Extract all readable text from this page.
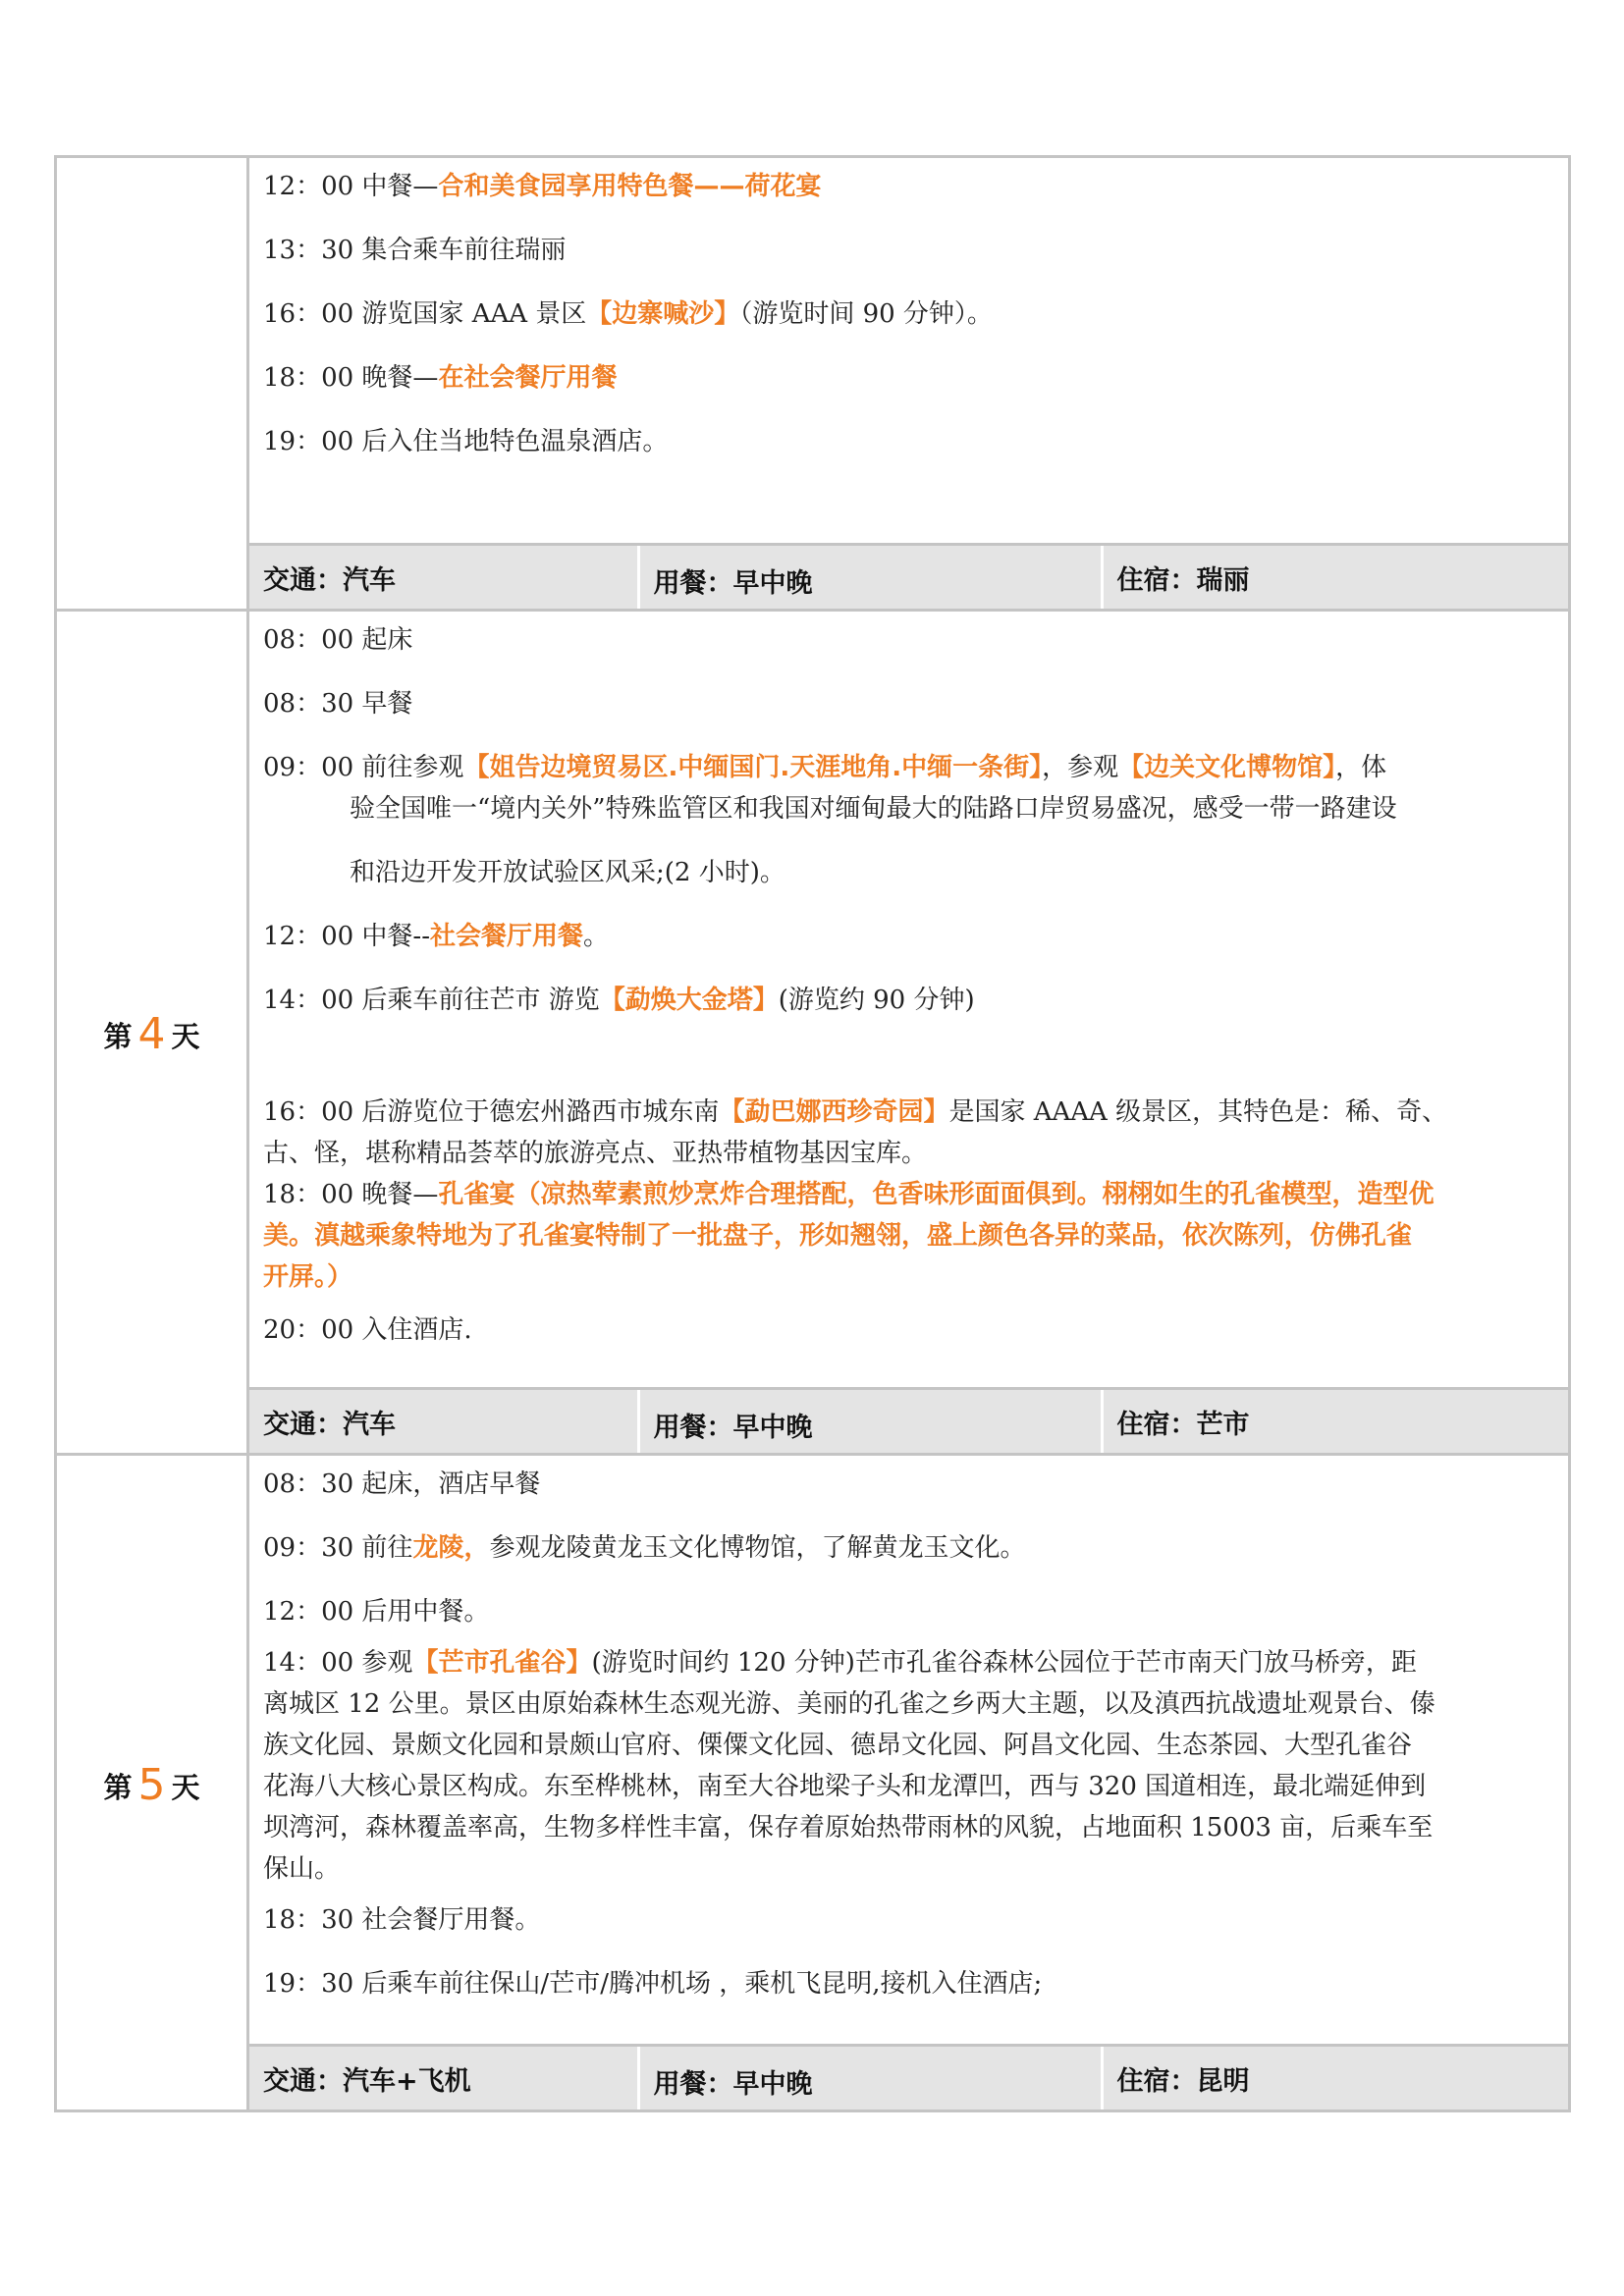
12：00 中餐—合和美食园享用特色餐——荷花宴

13：30 集合乘车前往瑞丽

16：00 游览国家 AAA 景区【边寨喊沙】（游览时间 90 分钟）。

18：00 晚餐—在社会餐厅用餐

19：00 后入住当地特色温泉酒店。

交通：汽车	用餐：早中晚	住宿：瑞丽

第 4 天	

08：00 起床

08：30 早餐

09：00 前往参观【姐告边境贸易区.中缅国门.天涯地角.中缅一条街】，参观【边关文化博物馆】，体

验全国唯一“境内关外”特殊监管区和我国对缅甸最大的陆路口岸贸易盛况，感受一带一路建设

和沿边开发开放试验区风采;(2 小时)。

12：00 中餐--社会餐厅用餐。

14：00 后乘车前往芒市 游览【勐焕大金塔】(游览约 90 分钟)

16：00 后游览位于德宏州潞西市城东南【勐巴娜西珍奇园】是国家 AAAA 级景区，其特色是：稀、奇、

古、怪，堪称精品荟萃的旅游亮点、亚热带植物基因宝库。

18：00 晚餐—孔雀宴（凉热荤素煎炒烹炸合理搭配，色香味形面面俱到。栩栩如生的孔雀模型，造型优

美。滇越乘象特地为了孔雀宴特制了一批盘子，形如翘翎，盛上颜色各异的菜品，依次陈列，仿佛孔雀

开屏。）

20：00 入住酒店.

交通：汽车	用餐：早中晚	住宿：芒市

第 5 天	

08：30 起床，酒店早餐

09：30 前往龙陵，参观龙陵黄龙玉文化博物馆，了解黄龙玉文化。

12：00 后用中餐。

14：00 参观【芒市孔雀谷】(游览时间约 120 分钟)芒市孔雀谷森林公园位于芒市南天门放马桥旁，距

离城区 12 公里。景区由原始森林生态观光游、美丽的孔雀之乡两大主题，以及滇西抗战遗址观景台、傣

族文化园、景颇文化园和景颇山官府、傈僳文化园、德昂文化园、阿昌文化园、生态茶园、大型孔雀谷

花海八大核心景区构成。东至桦桃林，南至大谷地梁子头和龙潭凹，西与 320 国道相连，最北端延伸到

坝湾河，森林覆盖率高，生物多样性丰富，保存着原始热带雨林的风貌，占地面积 15003 亩，后乘车至

保山。

18：30 社会餐厅用餐。

19：30 后乘车前往保山/芒市/腾冲机场 ，乘机飞昆明,接机入住酒店;

交通：汽车+飞机	用餐：早中晚	住宿：昆明
